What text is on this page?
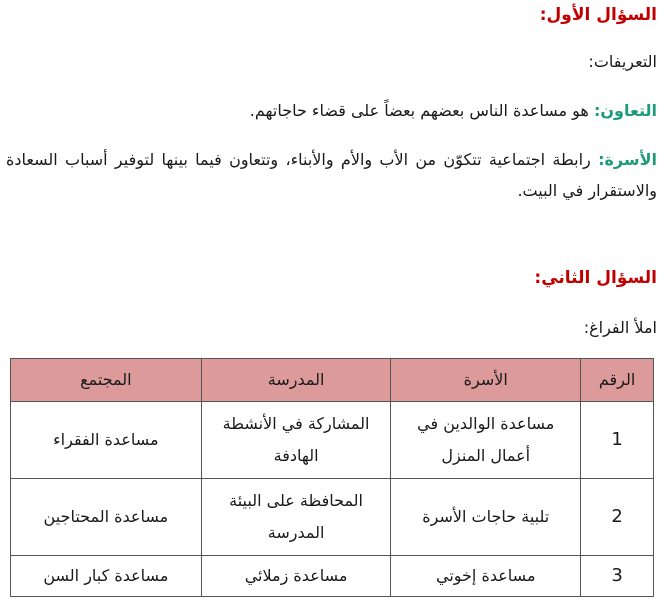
السؤال الأول:
التعريفات:
التعاون: هو مساعدة الناس بعضهم بعضاً على قضاء حاجاتهم.
الأسرة: رابطة اجتماعية تتكوّن من الأب والأم والأبناء، وتتعاون فيما بينها لتوفير أسباب السعادة والاستقرار في البيت.
السؤال الثاني:
املأ الفراغ:
الرقم	الأسرة	المدرسة	المجتمع
1	مساعدة الوالدين في أعمال المنزل	المشاركة في الأنشطة الهادفة	مساعدة الفقراء
2	تلبية حاجات الأسرة	المحافظة على البيئة المدرسة	مساعدة المحتاجين
3	مساعدة إخوتي	مساعدة زملائي	مساعدة كبار السن
